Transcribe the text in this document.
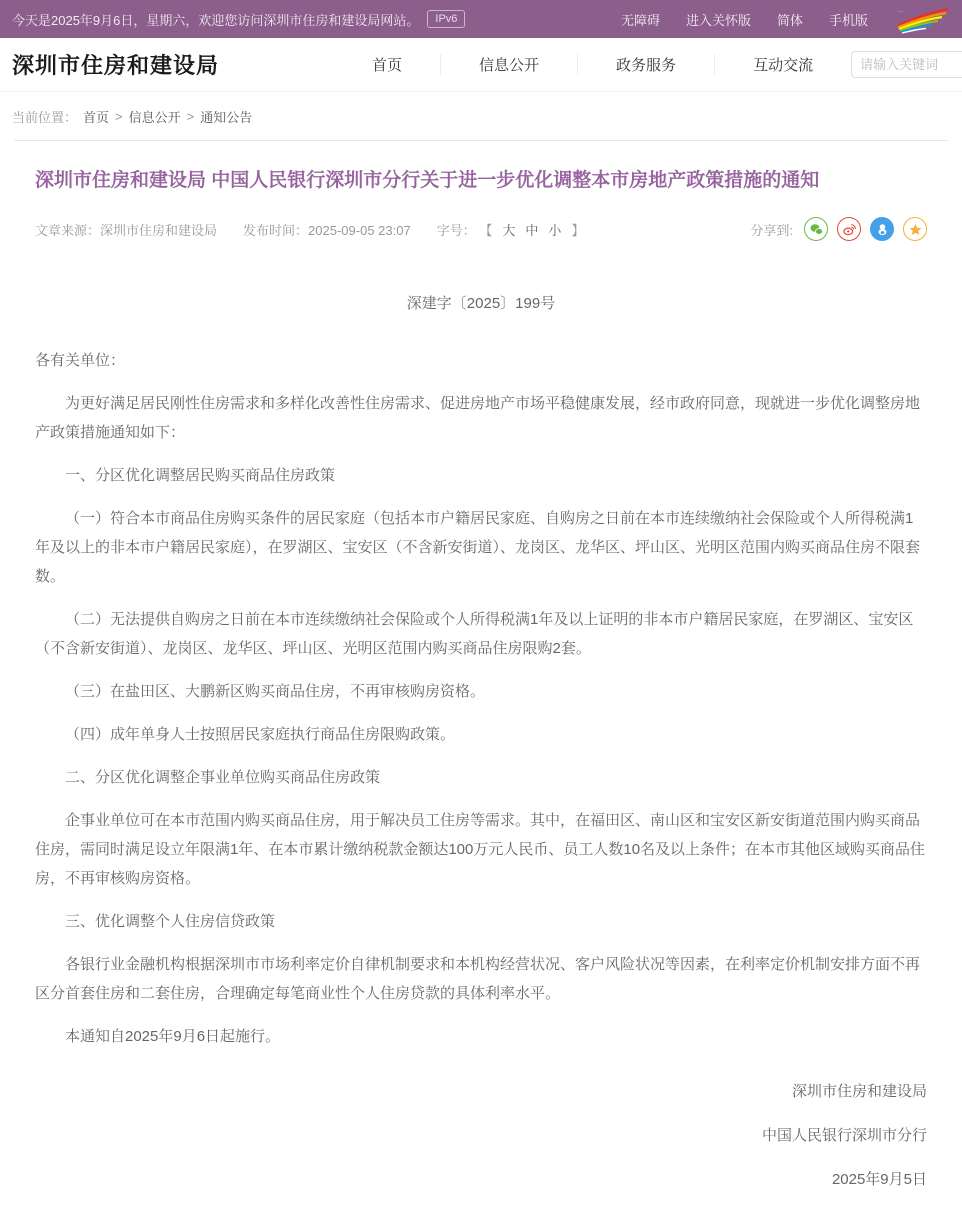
今天是2025年9月6日，星期六，欢迎您访问深圳市住房和建设局网站。	IPv6	无障碍 进入关怀版 简体 手机版
∙∙∙
深圳市住房和建设局	首页	信息公开	政务服务	互动交流
请输入关键词
当前位置： 首页 > 信息公开 > 通知公告
深圳市住房和建设局 中国人民银行深圳市分行关于进一步优化调整本市房地产政策措施的通知
文章来源：深圳市住房和建设局 发布时间：2025-09-05 23:07 字号： 【 大 中 小 】	分享到:

深建字〔2025〕199号

各有关单位：

为更好满足居民刚性住房需求和多样化改善性住房需求、促进房地产市场平稳健康发展，经市政府同意，现就进一步优化调整房地产政策措施通知如下：

一、分区优化调整居民购买商品住房政策

（一）符合本市商品住房购买条件的居民家庭（包括本市户籍居民家庭、自购房之日前在本市连续缴纳社会保险或个人所得税满1年及以上的非本市户籍居民家庭），在罗湖区、宝安区（不含新安街道）、龙岗区、龙华区、坪山区、光明区范围内购买商品住房不限套数。

（二）无法提供自购房之日前在本市连续缴纳社会保险或个人所得税满1年及以上证明的非本市户籍居民家庭，在罗湖区、宝安区（不含新安街道）、龙岗区、龙华区、坪山区、光明区范围内购买商品住房限购2套。

（三）在盐田区、大鹏新区购买商品住房，不再审核购房资格。

（四）成年单身人士按照居民家庭执行商品住房限购政策。

二、分区优化调整企事业单位购买商品住房政策

企事业单位可在本市范围内购买商品住房，用于解决员工住房等需求。其中，在福田区、南山区和宝安区新安街道范围内购买商品住房，需同时满足设立年限满1年、在本市累计缴纳税款金额达100万元人民币、员工人数10名及以上条件；在本市其他区域购买商品住房，不再审核购房资格。

三、优化调整个人住房信贷政策

各银行业金融机构根据深圳市市场利率定价自律机制要求和本机构经营状况、客户风险状况等因素，在利率定价机制安排方面不再区分首套住房和二套住房，合理确定每笔商业性个人住房贷款的具体利率水平。

本通知自2025年9月6日起施行。

深圳市住房和建设局

中国人民银行深圳市分行

2025年9月5日
